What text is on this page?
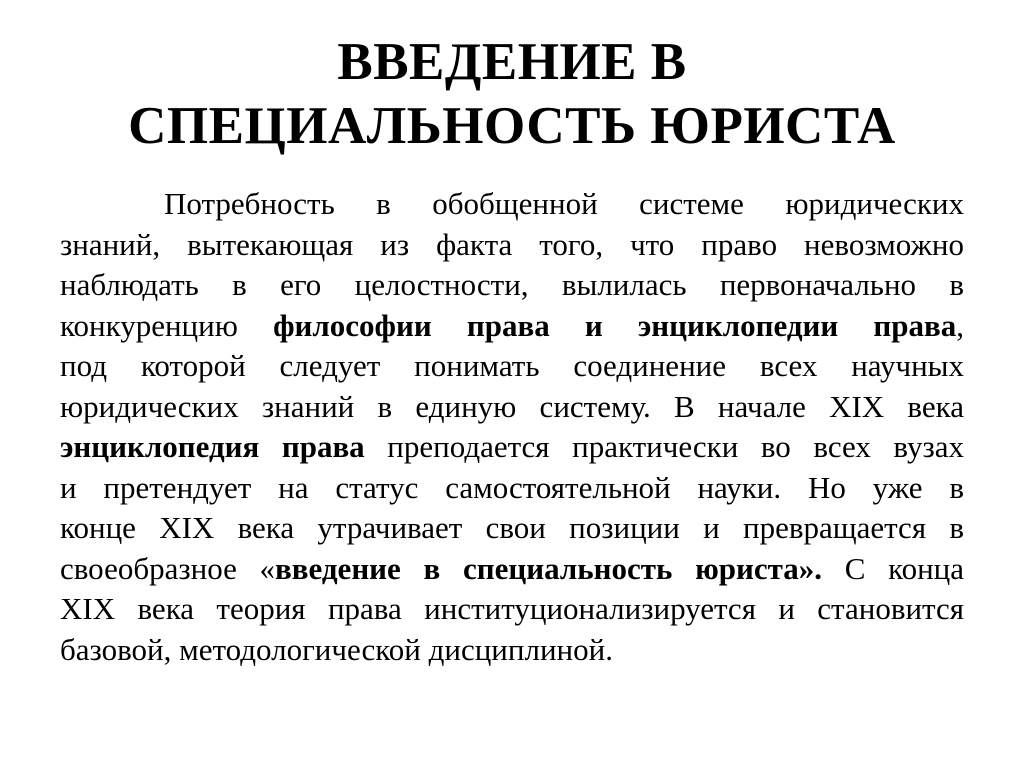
ВВЕДЕНИЕ В
СПЕЦИАЛЬНОСТЬ ЮРИСТА

Потребность в обобщенной системе юридических
знаний, вытекающая из факта того, что право невозможно
наблюдать в его целостности, вылилась первоначально в
конкуренцию философии права и энциклопедии права,
под которой следует понимать соединение всех научных
юридических знаний в единую систему. В начале XIX века
энциклопедия права преподается практически во всех вузах
и претендует на статус самостоятельной науки. Но уже в
конце XIX века утрачивает свои позиции и превращается в
своеобразное «введение в специальность юриста». С конца
XIX века теория права институционализируется и становится
базовой, методологической дисциплиной.
